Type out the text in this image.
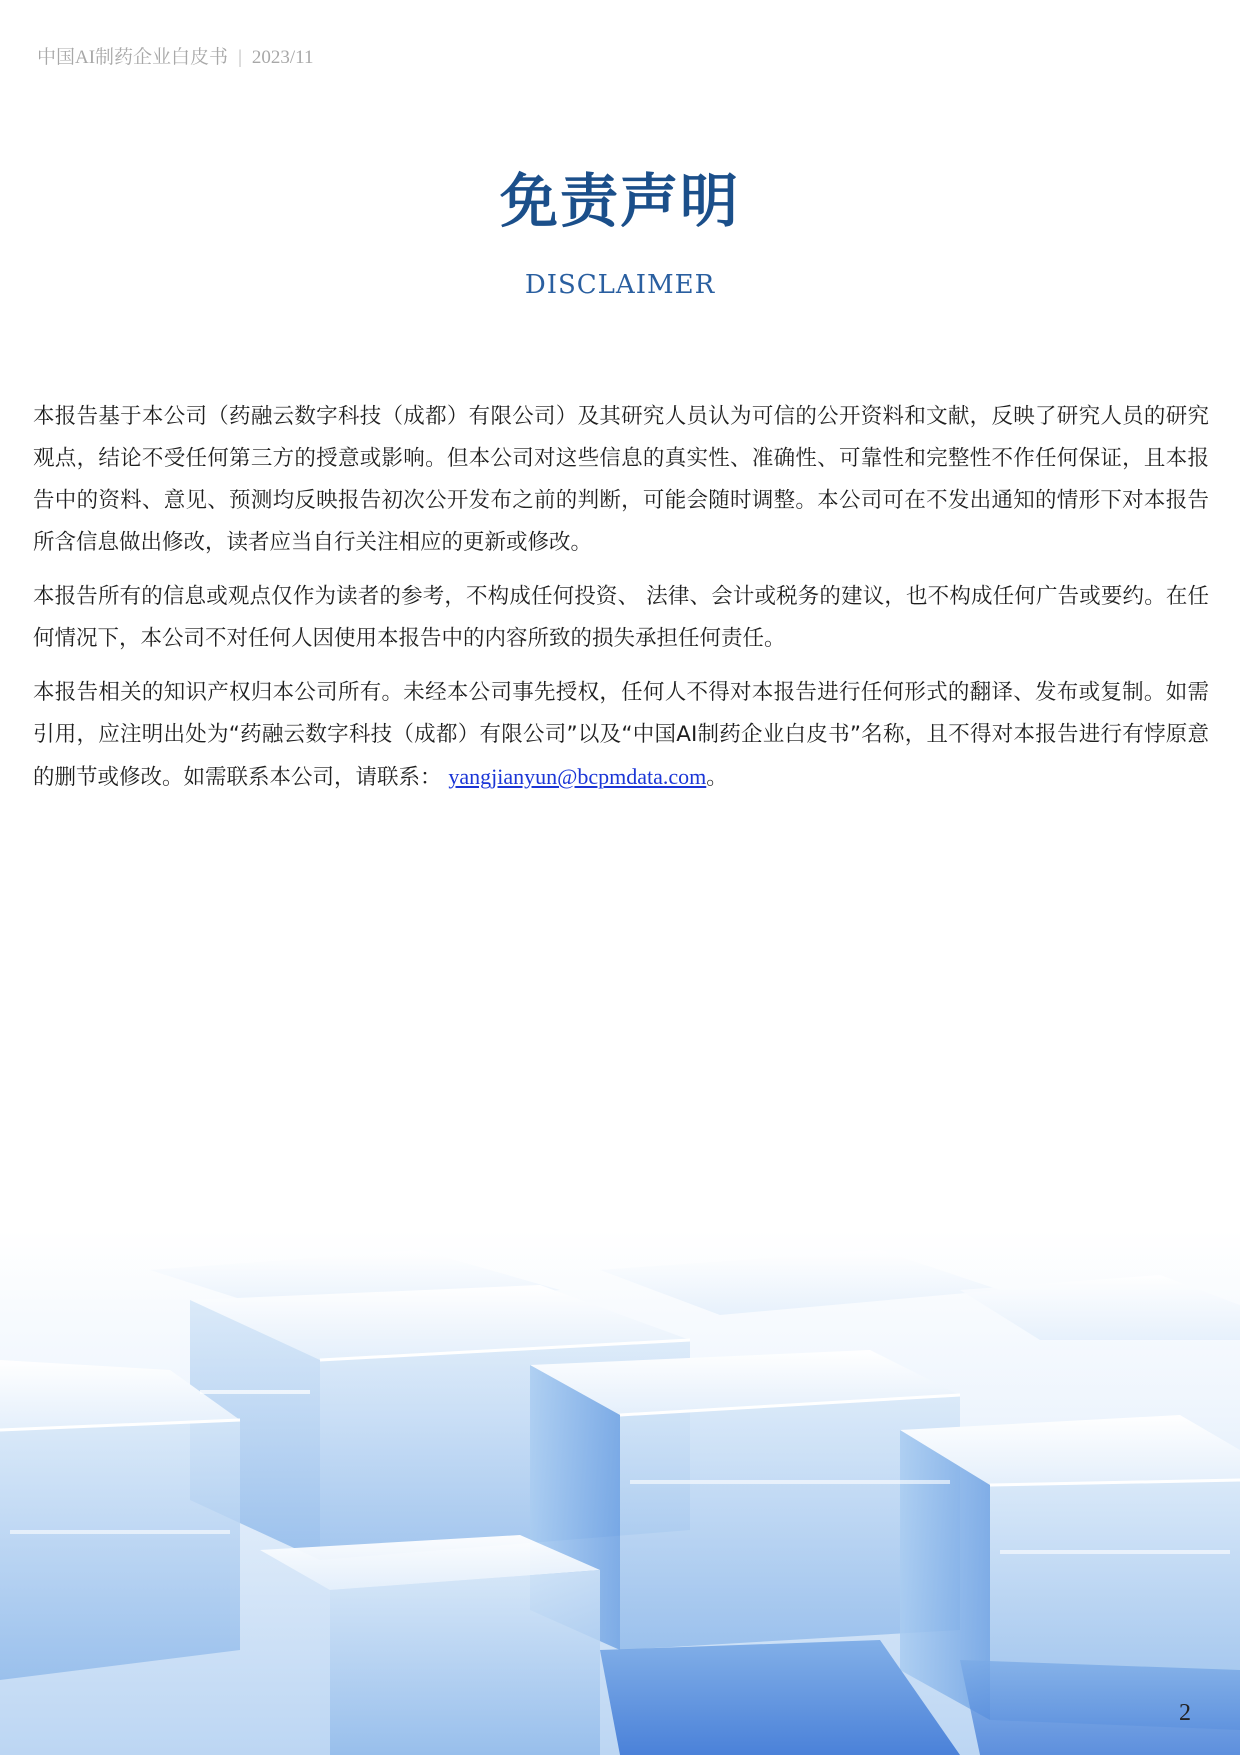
中国AI制药企业白皮书 | 2023/11
免责声明
DISCLAIMER

本报告基于本公司（药融云数字科技（成都）有限公司）及其研究人员认为可信的公开资料和文献，反映了研究人员的研究观点，结论不受任何第三方的授意或影响。但本公司对这些信息的真实性、准确性、可靠性和完整性不作任何保证，且本报告中的资料、意见、预测均反映报告初次公开发布之前的判断，可能会随时调整。本公司可在不发出通知的情形下对本报告所含信息做出修改，读者应当自行关注相应的更新或修改。

本报告所有的信息或观点仅作为读者的参考，不构成任何投资、 法律、会计或税务的建议，也不构成任何广告或要约。在任何情况下，本公司不对任何人因使用本报告中的内容所致的损失承担任何责任。

本报告相关的知识产权归本公司所有。未经本公司事先授权，任何人不得对本报告进行任何形式的翻译、发布或复制。如需引用，应注明出处为“药融云数字科技（成都）有限公司”以及“中国AI制药企业白皮书”名称，且不得对本报告进行有悖原意的删节或修改。如需联系本公司，请联系： yangjianyun@bcpmdata.com。

2
